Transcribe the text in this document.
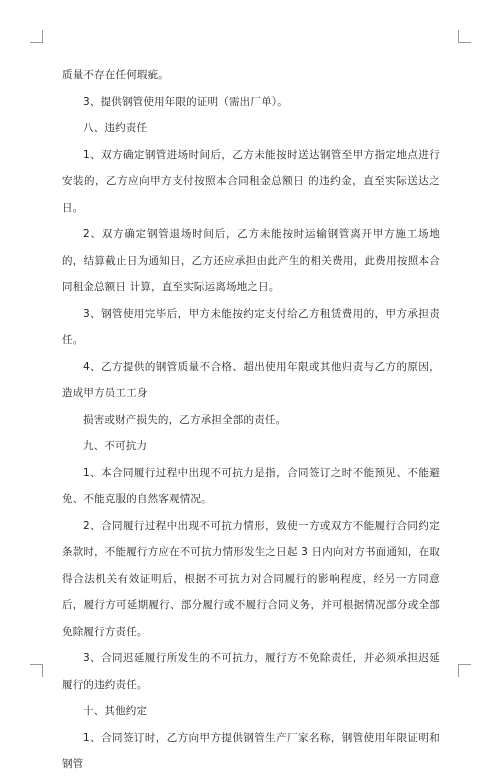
质量不存在任何瑕疵。

3、提供钢管使用年限的证明（需出厂单）。

八、违约责任

1、双方确定钢管进场时间后，乙方未能按时送达钢管至甲方指定地点进行安装的，乙方应向甲方支付按照本合同租金总额日 的违约金，直至实际送达之日。

2、双方确定钢管退场时间后，乙方未能按时运输钢管离开甲方施工场地的，结算截止日为通知日，乙方还应承担由此产生的相关费用，此费用按照本合同租金总额日 计算，直至实际运离场地之日。

3、钢管使用完毕后，甲方未能按约定支付给乙方租赁费用的，甲方承担责任。

4、乙方提供的钢管质量不合格、超出使用年限或其他归责与乙方的原因，造成甲方员工工身

损害或财产损失的，乙方承担全部的责任。

九、不可抗力

1、本合同履行过程中出现不可抗力是指，合同签订之时不能预见、不能避免、不能克服的自然客观情况。

2、合同履行过程中出现不可抗力情形，致使一方或双方不能履行合同约定条款时，不能履行方应在不可抗力情形发生之日起 3 日内向对方书面通知，在取得合法机关有效证明后，根据不可抗力对合同履行的影响程度，经另一方同意后，履行方可延期履行、部分履行或不履行合同义务，并可根据情况部分或全部免除履行方责任。

3、合同迟延履行所发生的不可抗力，履行方不免除责任，并必须承担迟延履行的违约责任。

十、其他约定

1、合同签订时，乙方向甲方提供钢管生产厂家名称，钢管使用年限证明和钢管
